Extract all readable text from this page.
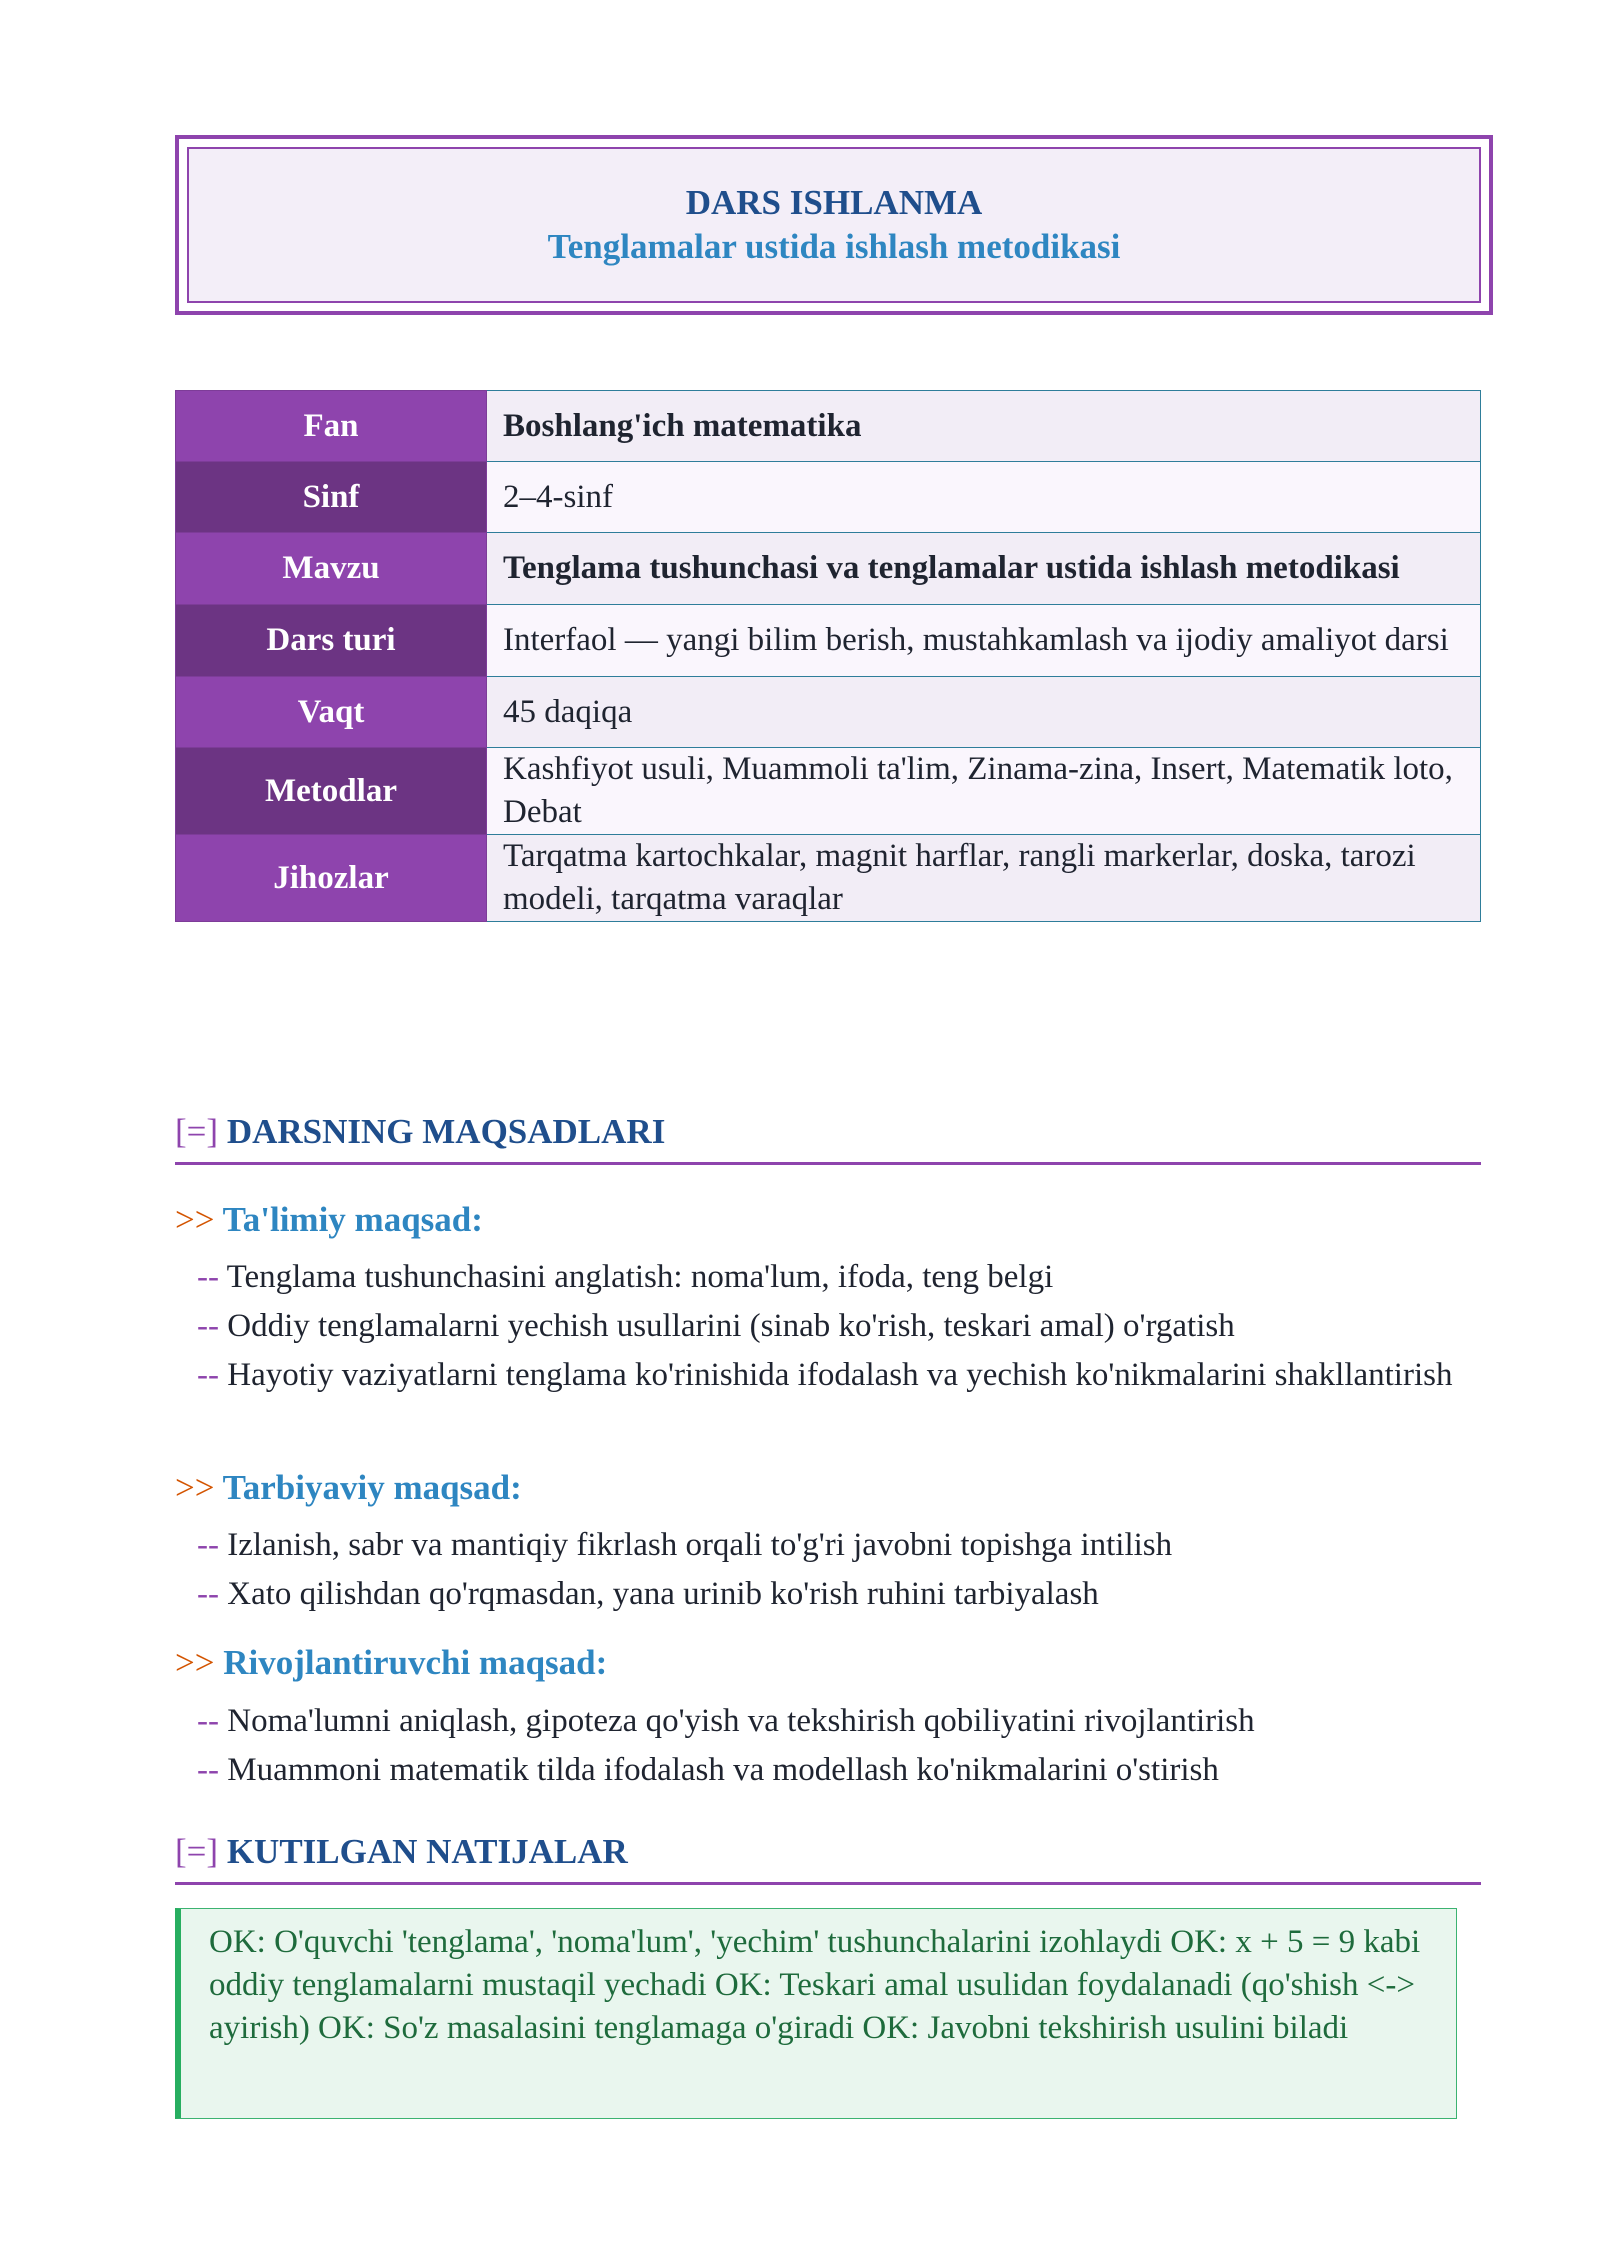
DARS ISHLANMA
Tenglamalar ustida ishlash metodikasi
Fan	Boshlang'ich matematika
Sinf	2–4-sinf
Mavzu	Tenglama tushunchasi va tenglamalar ustida ishlash metodikasi
Dars turi	Interfaol — yangi bilim berish, mustahkamlash va ijodiy amaliyot darsi
Vaqt	45 daqiqa
Metodlar	Kashfiyot usuli, Muammoli ta'lim, Zinama-zina, Insert, Matematik loto, Debat
Jihozlar	Tarqatma kartochkalar, magnit harflar, rangli markerlar, doska, tarozi modeli, tarqatma varaqlar
[=] DARSNING MAQSADLARI
>> Ta'limiy maqsad:
-- Tenglama tushunchasini anglatish: noma'lum, ifoda, teng belgi
-- Oddiy tenglamalarni yechish usullarini (sinab ko'rish, teskari amal) o'rgatish
-- Hayotiy vaziyatlarni tenglama ko'rinishida ifodalash va yechish ko'nikmalarini shakllantirish
>> Tarbiyaviy maqsad:
-- Izlanish, sabr va mantiqiy fikrlash orqali to'g'ri javobni topishga intilish
-- Xato qilishdan qo'rqmasdan, yana urinib ko'rish ruhini tarbiyalash
>> Rivojlantiruvchi maqsad:
-- Noma'lumni aniqlash, gipoteza qo'yish va tekshirish qobiliyatini rivojlantirish
-- Muammoni matematik tilda ifodalash va modellash ko'nikmalarini o'stirish
[=] KUTILGAN NATIJALAR
OK: O'quvchi 'tenglama', 'noma'lum', 'yechim' tushunchalarini izohlaydi OK: x + 5 = 9 kabi oddiy tenglamalarni mustaqil yechadi OK: Teskari amal usulidan foydalanadi (qo'shish <-> ayirish) OK: So'z masalasini tenglamaga o'giradi OK: Javobni tekshirish usulini biladi
